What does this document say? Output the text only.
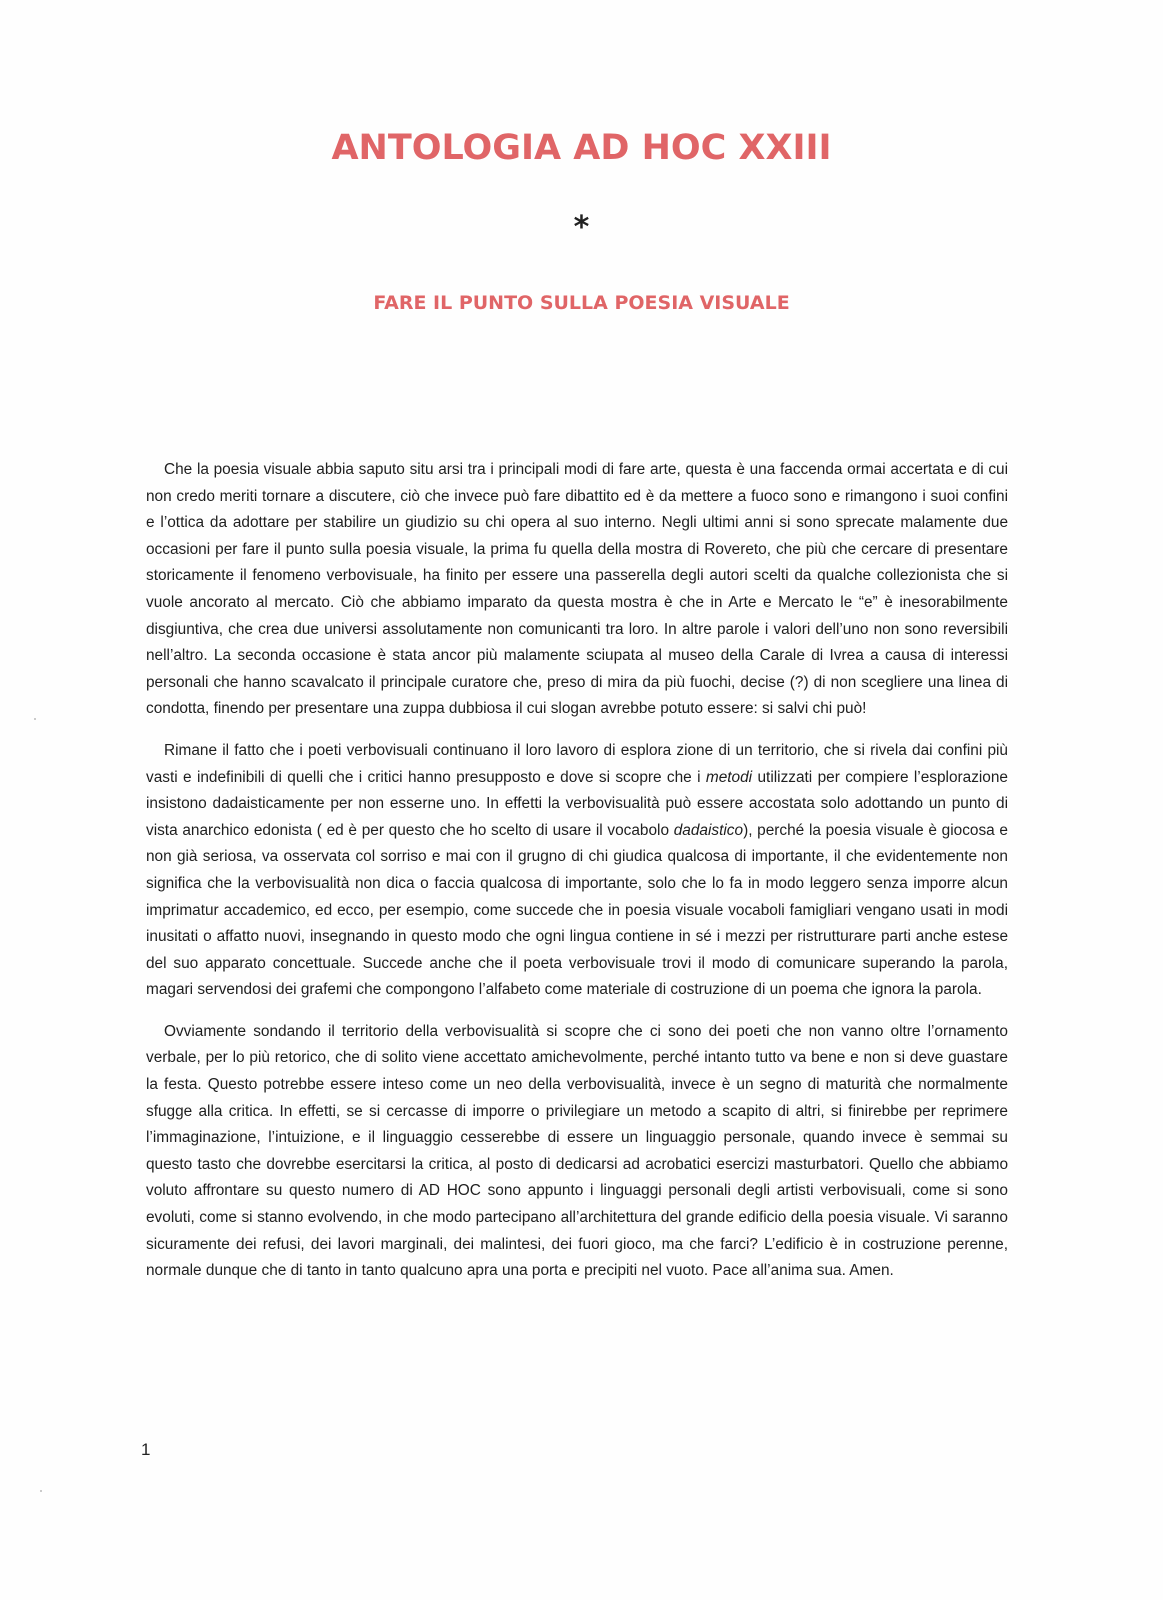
ANTOLOGIA AD HOC XXIII
*
FARE IL PUNTO SULLA POESIA VISUALE

Che la poesia visuale abbia saputo situ arsi tra i principali modi di fare arte, questa è una faccenda ormai accertata e di cui non credo meriti tornare a discutere, ciò che invece può fare dibattito ed è da mettere a fuoco sono e rimangono i suoi confini e l’ottica da adottare per stabilire un giudizio su chi opera al suo interno. Negli ultimi anni si sono sprecate malamente due occasioni per fare il punto sulla poesia visuale, la prima fu quella della mostra di Rovereto, che più che cercare di presentare storicamente il fenomeno verbovisuale, ha finito per essere una passerella degli autori scelti da qualche collezionista che si vuole ancorato al mercato. Ciò che abbiamo imparato da questa mostra è che in Arte e Mercato le “e” è inesorabilmente disgiuntiva, che crea due universi assolutamente non comunicanti tra loro. In altre parole i valori dell’uno non sono reversibili nell’altro. La seconda occasione è stata ancor più malamente sciupata al museo della Carale di Ivrea a causa di interessi personali che hanno scavalcato il principale curatore che, preso di mira da più fuochi, decise (?) di non scegliere una linea di condotta, finendo per presentare una zuppa dubbiosa il cui slogan avrebbe potuto essere: si salvi chi può!

Rimane il fatto che i poeti verbovisuali continuano il loro lavoro di esplora zione di un territorio, che si rivela dai confini più vasti e indefinibili di quelli che i critici hanno presupposto e dove si scopre che i metodi utilizzati per compiere l’esplorazione insistono dadaisticamente per non esserne uno. In effetti la verbovisualità può essere accostata solo adottando un punto di vista anarchico edonista ( ed è per questo che ho scelto di usare il vocabolo dadaistico), perché la poesia visuale è giocosa e non già seriosa, va osservata col sorriso e mai con il grugno di chi giudica qualcosa di importante, il che evidentemente non significa che la verbovisualità non dica o faccia qualcosa di importante, solo che lo fa in modo leggero senza imporre alcun imprimatur accademico, ed ecco, per esempio, come succede che in poesia visuale vocaboli famigliari vengano usati in modi inusitati o affatto nuovi, insegnando in questo modo che ogni lingua contiene in sé i mezzi per ristrutturare parti anche estese del suo apparato concettuale. Succede anche che il poeta verbovisuale trovi il modo di comunicare superando la parola, magari servendosi dei grafemi che compongono l’alfabeto come materiale di costruzione di un poema che ignora la parola.

Ovviamente sondando il territorio della verbovisualità si scopre che ci sono dei poeti che non vanno oltre l’ornamento verbale, per lo più retorico, che di solito viene accettato amichevolmente, perché intanto tutto va bene e non si deve guastare la festa. Questo potrebbe essere inteso come un neo della verbovisualità, invece è un segno di maturità che normalmente sfugge alla critica. In effetti, se si cercasse di imporre o privilegiare un metodo a scapito di altri, si finirebbe per reprimere l’immaginazione, l’intuizione, e il linguaggio cesserebbe di essere un linguaggio personale, quando invece è semmai su questo tasto che dovrebbe esercitarsi la critica, al posto di dedicarsi ad acrobatici esercizi masturbatori. Quello che abbiamo voluto affrontare su questo numero di AD HOC sono appunto i linguaggi personali degli artisti verbovisuali, come si sono evoluti, come si stanno evolvendo, in che modo partecipano all’architettura del grande edificio della poesia visuale. Vi saranno sicuramente dei refusi, dei lavori marginali, dei malintesi, dei fuori gioco, ma che farci? L’edificio è in costruzione perenne, normale dunque che di tanto in tanto qualcuno apra una porta e precipiti nel vuoto. Pace all’anima sua. Amen.

1
